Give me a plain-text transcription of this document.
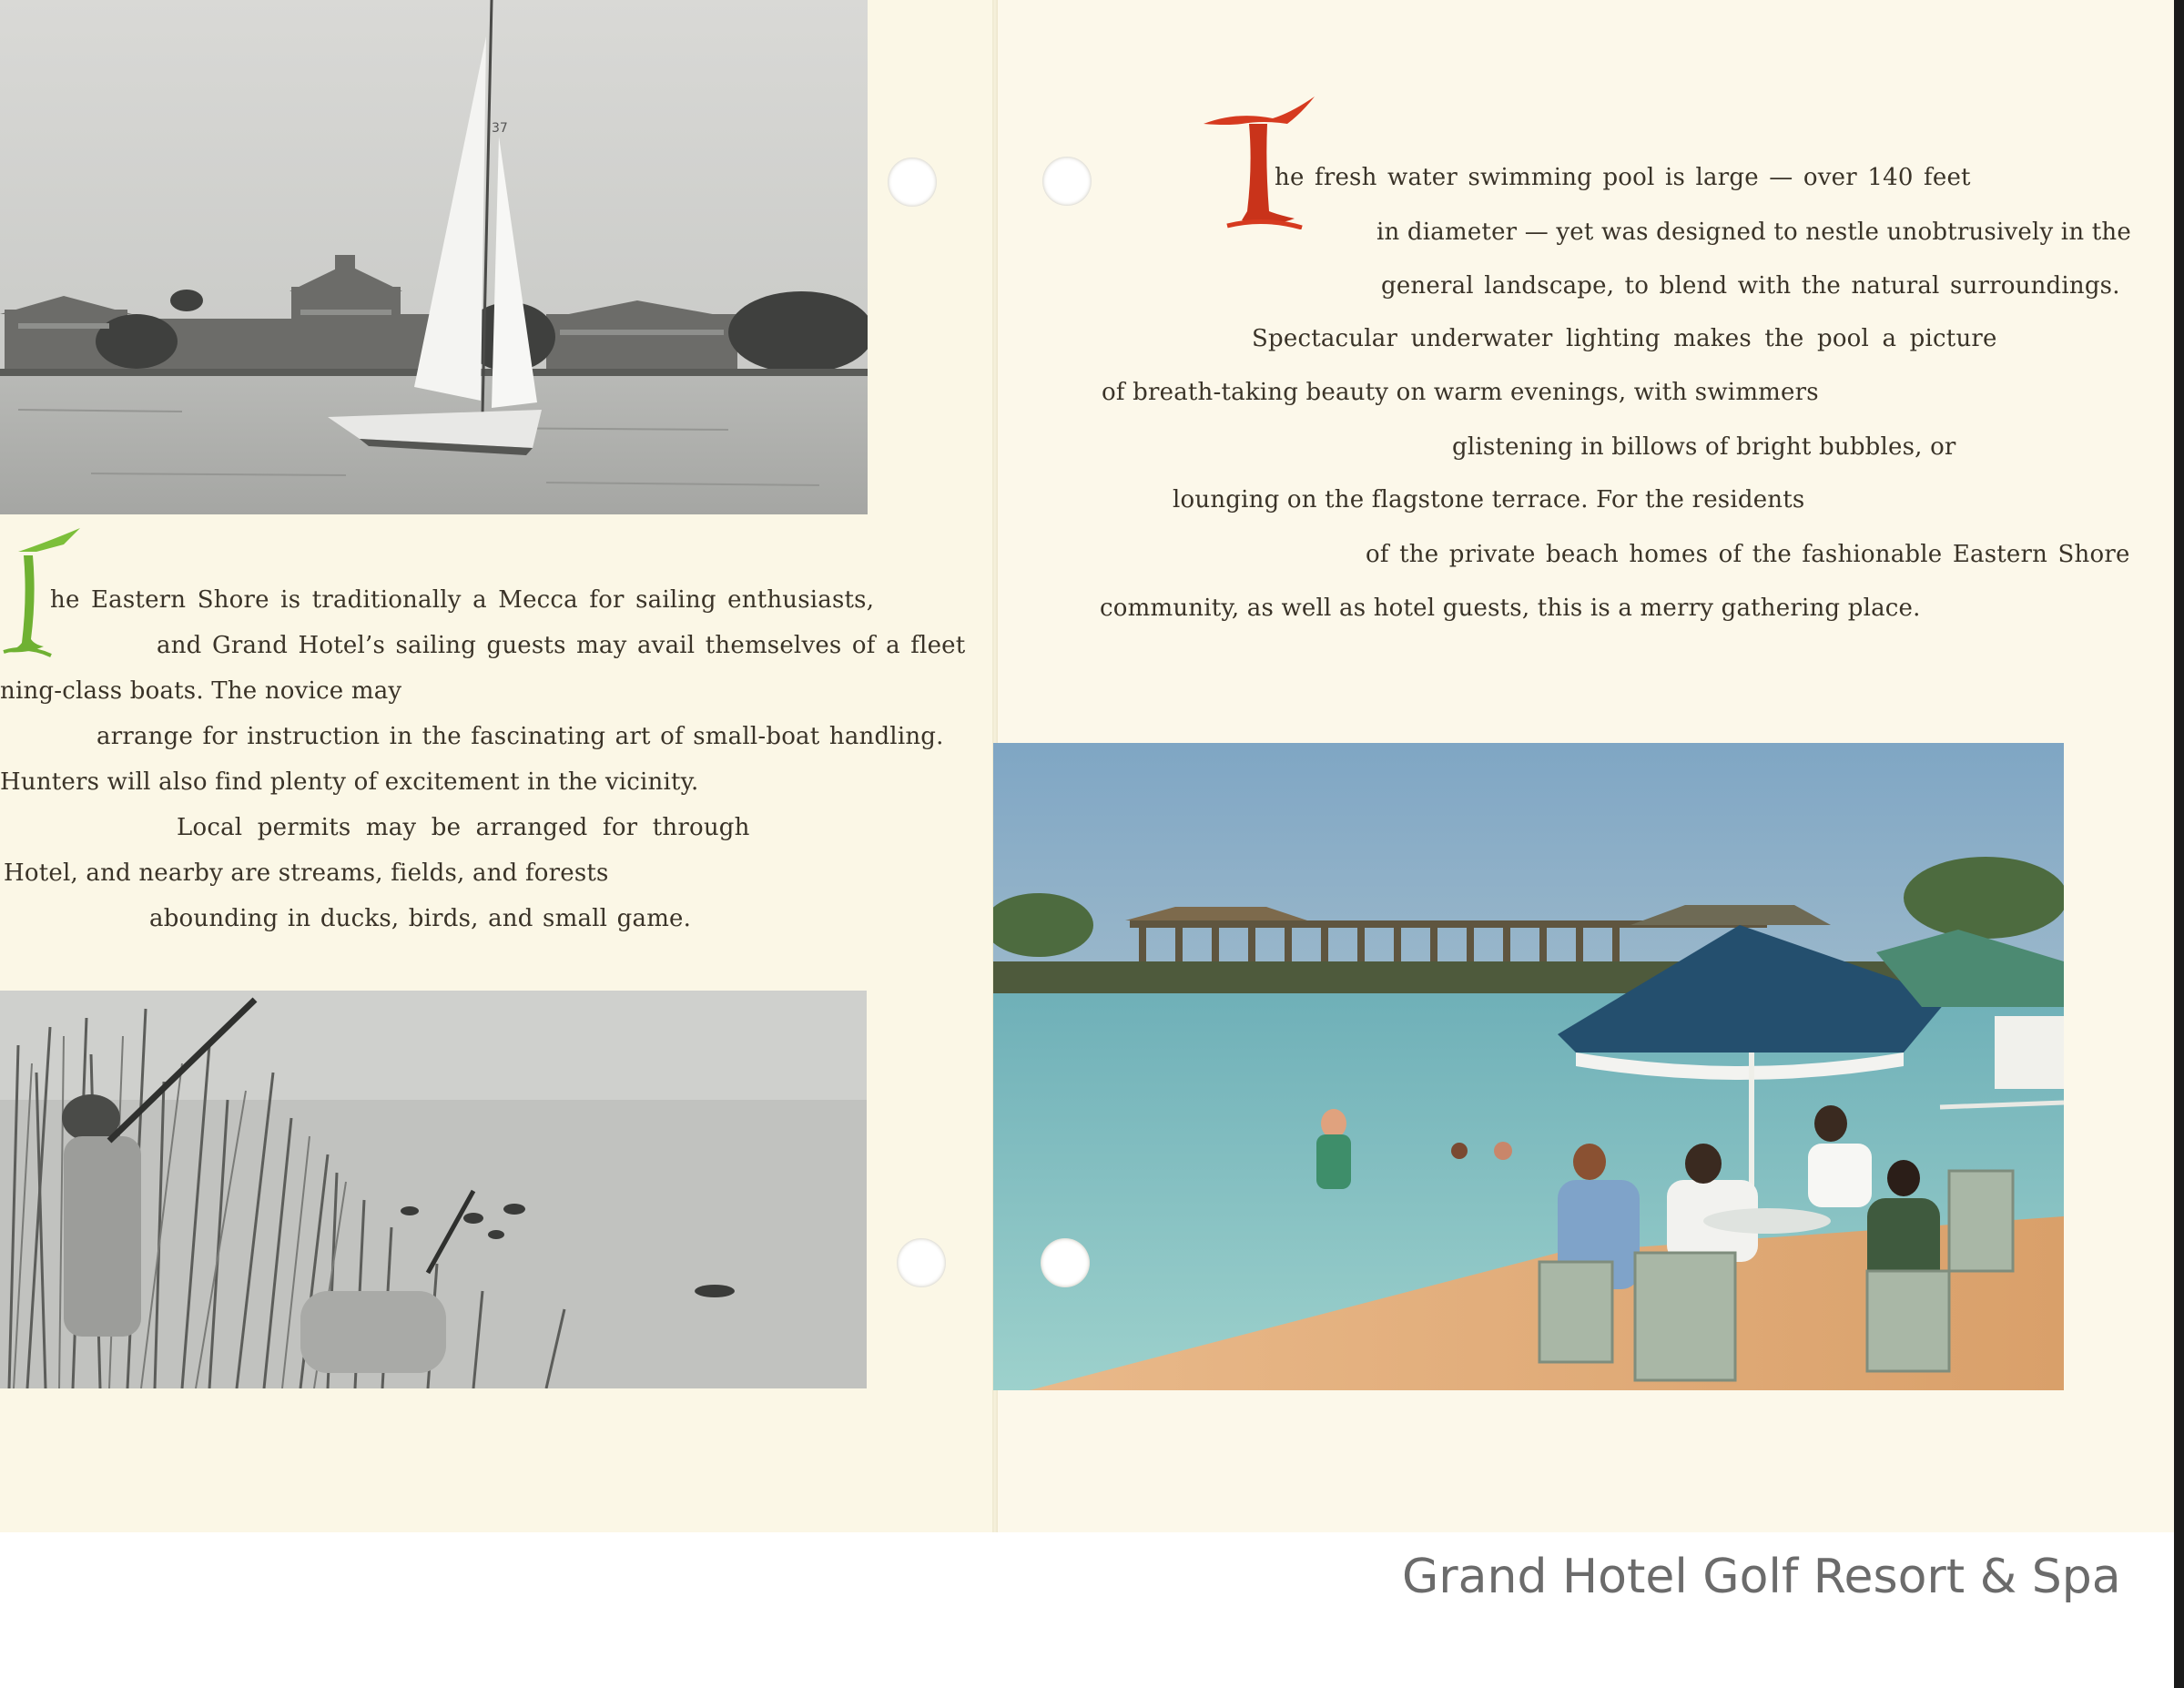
37
he Eastern Shore is traditionally a Mecca for sailing enthusiasts,
and Grand Hotel’s sailing guests may avail themselves of a fleet
ning-class boats. The novice may
arrange for instruction in the fascinating art of small-boat handling.
Hunters will also find plenty of excitement in the vicinity.
Local permits may be arranged for through
Hotel, and nearby are streams, fields, and forests
abounding in ducks, birds, and small game.
he fresh water swimming pool is large — over 140 feet
in diameter — yet was designed to nestle unobtrusively in the
general landscape, to blend with the natural surroundings.
Spectacular underwater lighting makes the pool a picture
of breath-taking beauty on warm evenings, with swimmers
glistening in billows of bright bubbles, or
lounging on the flagstone terrace. For the residents
of the private beach homes of the fashionable Eastern Shore
community, as well as hotel guests, this is a merry gathering place.
Grand Hotel Golf Resort & Spa
